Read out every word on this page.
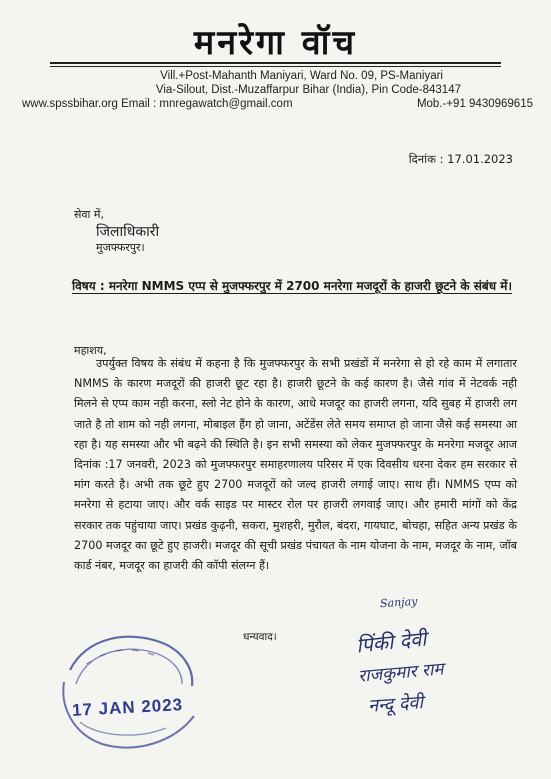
मनरेगा वॉच
Vill.+Post-Mahanth Maniyari, Ward No. 09, PS-Maniyari
Via-Silout, Dist.-Muzaffarpur Bihar (India), Pin Code-843147
www.spssbihar.org Email : mnregawatch@gmail.com	Mob.-+91 9430969615
दिनांक : 17.01.2023
सेवा में,
जिलाधिकारी
मुजफ्फरपुर।
विषय : मनरेगा NMMS एप्प से मुजफ्फरपुर में 2700 मनरेगा मजदूरों के हाजरी छूटने के संबंध में।
महाशय,

उपर्युक्त विषय के संबंध में कहना है कि मुजफ्फरपुर के सभी प्रखंडों में मनरेगा से हो रहे काम में लगातार NMMS के कारण मजदूरों की हाजरी छूट रहा है। हाजरी छूटने के कई कारण है। जैसे गांव में नेटवर्क नही मिलने से एप्प काम नही करना, स्लो नेट होने के कारण, आधे मजदूर का हाजरी लगना, यदि सुबह में हाजरी लग जाते है तो शाम को नही लगना, मोबाइल हैंग हो जाना, अटेंडेंस लेते समय समाप्त हो जाना जैसे कई समस्या आ रहा है। यह समस्या और भी बढ़ने की स्थिति है। इन सभी समस्या को लेकर मुजफ्फरपुर के मनरेगा मजदूर आज दिनांक :17 जनवरी, 2023 को मुजफ्फरपुर समाहरणालय परिसर में एक दिवसीय धरना देकर हम सरकार से मांग करते है। अभी तक छूटे हुए 2700 मजदूरों को जल्द हाजरी लगाई जाए। साथ ही। NMMS एप्प को मनरेगा से हटाया जाए। और वर्क साइड पर मास्टर रोल पर हाजरी लगवाई जाए। और हमारी मांगों को केंद्र सरकार तक पहुंचाया जाए। प्रखंड कुढ़नी, सकरा, मुशहरी, मुरौल, बंदरा, गायघाट, बोचहा, सहित अन्य प्रखंड के 2700 मजदूर का छूटे हुए हाजरी। मजदूर की सूची प्रखंड पंचायत के नाम योजना के नाम, मजदूर के नाम, जॉब कार्ड नंबर, मजदूर का हाजरी की कॉपी संलग्न हैं।

धन्यवाद।
17 JAN 2023
Sanjay
पिंकी देवी
राजकुमार राम
नन्दू देवी
